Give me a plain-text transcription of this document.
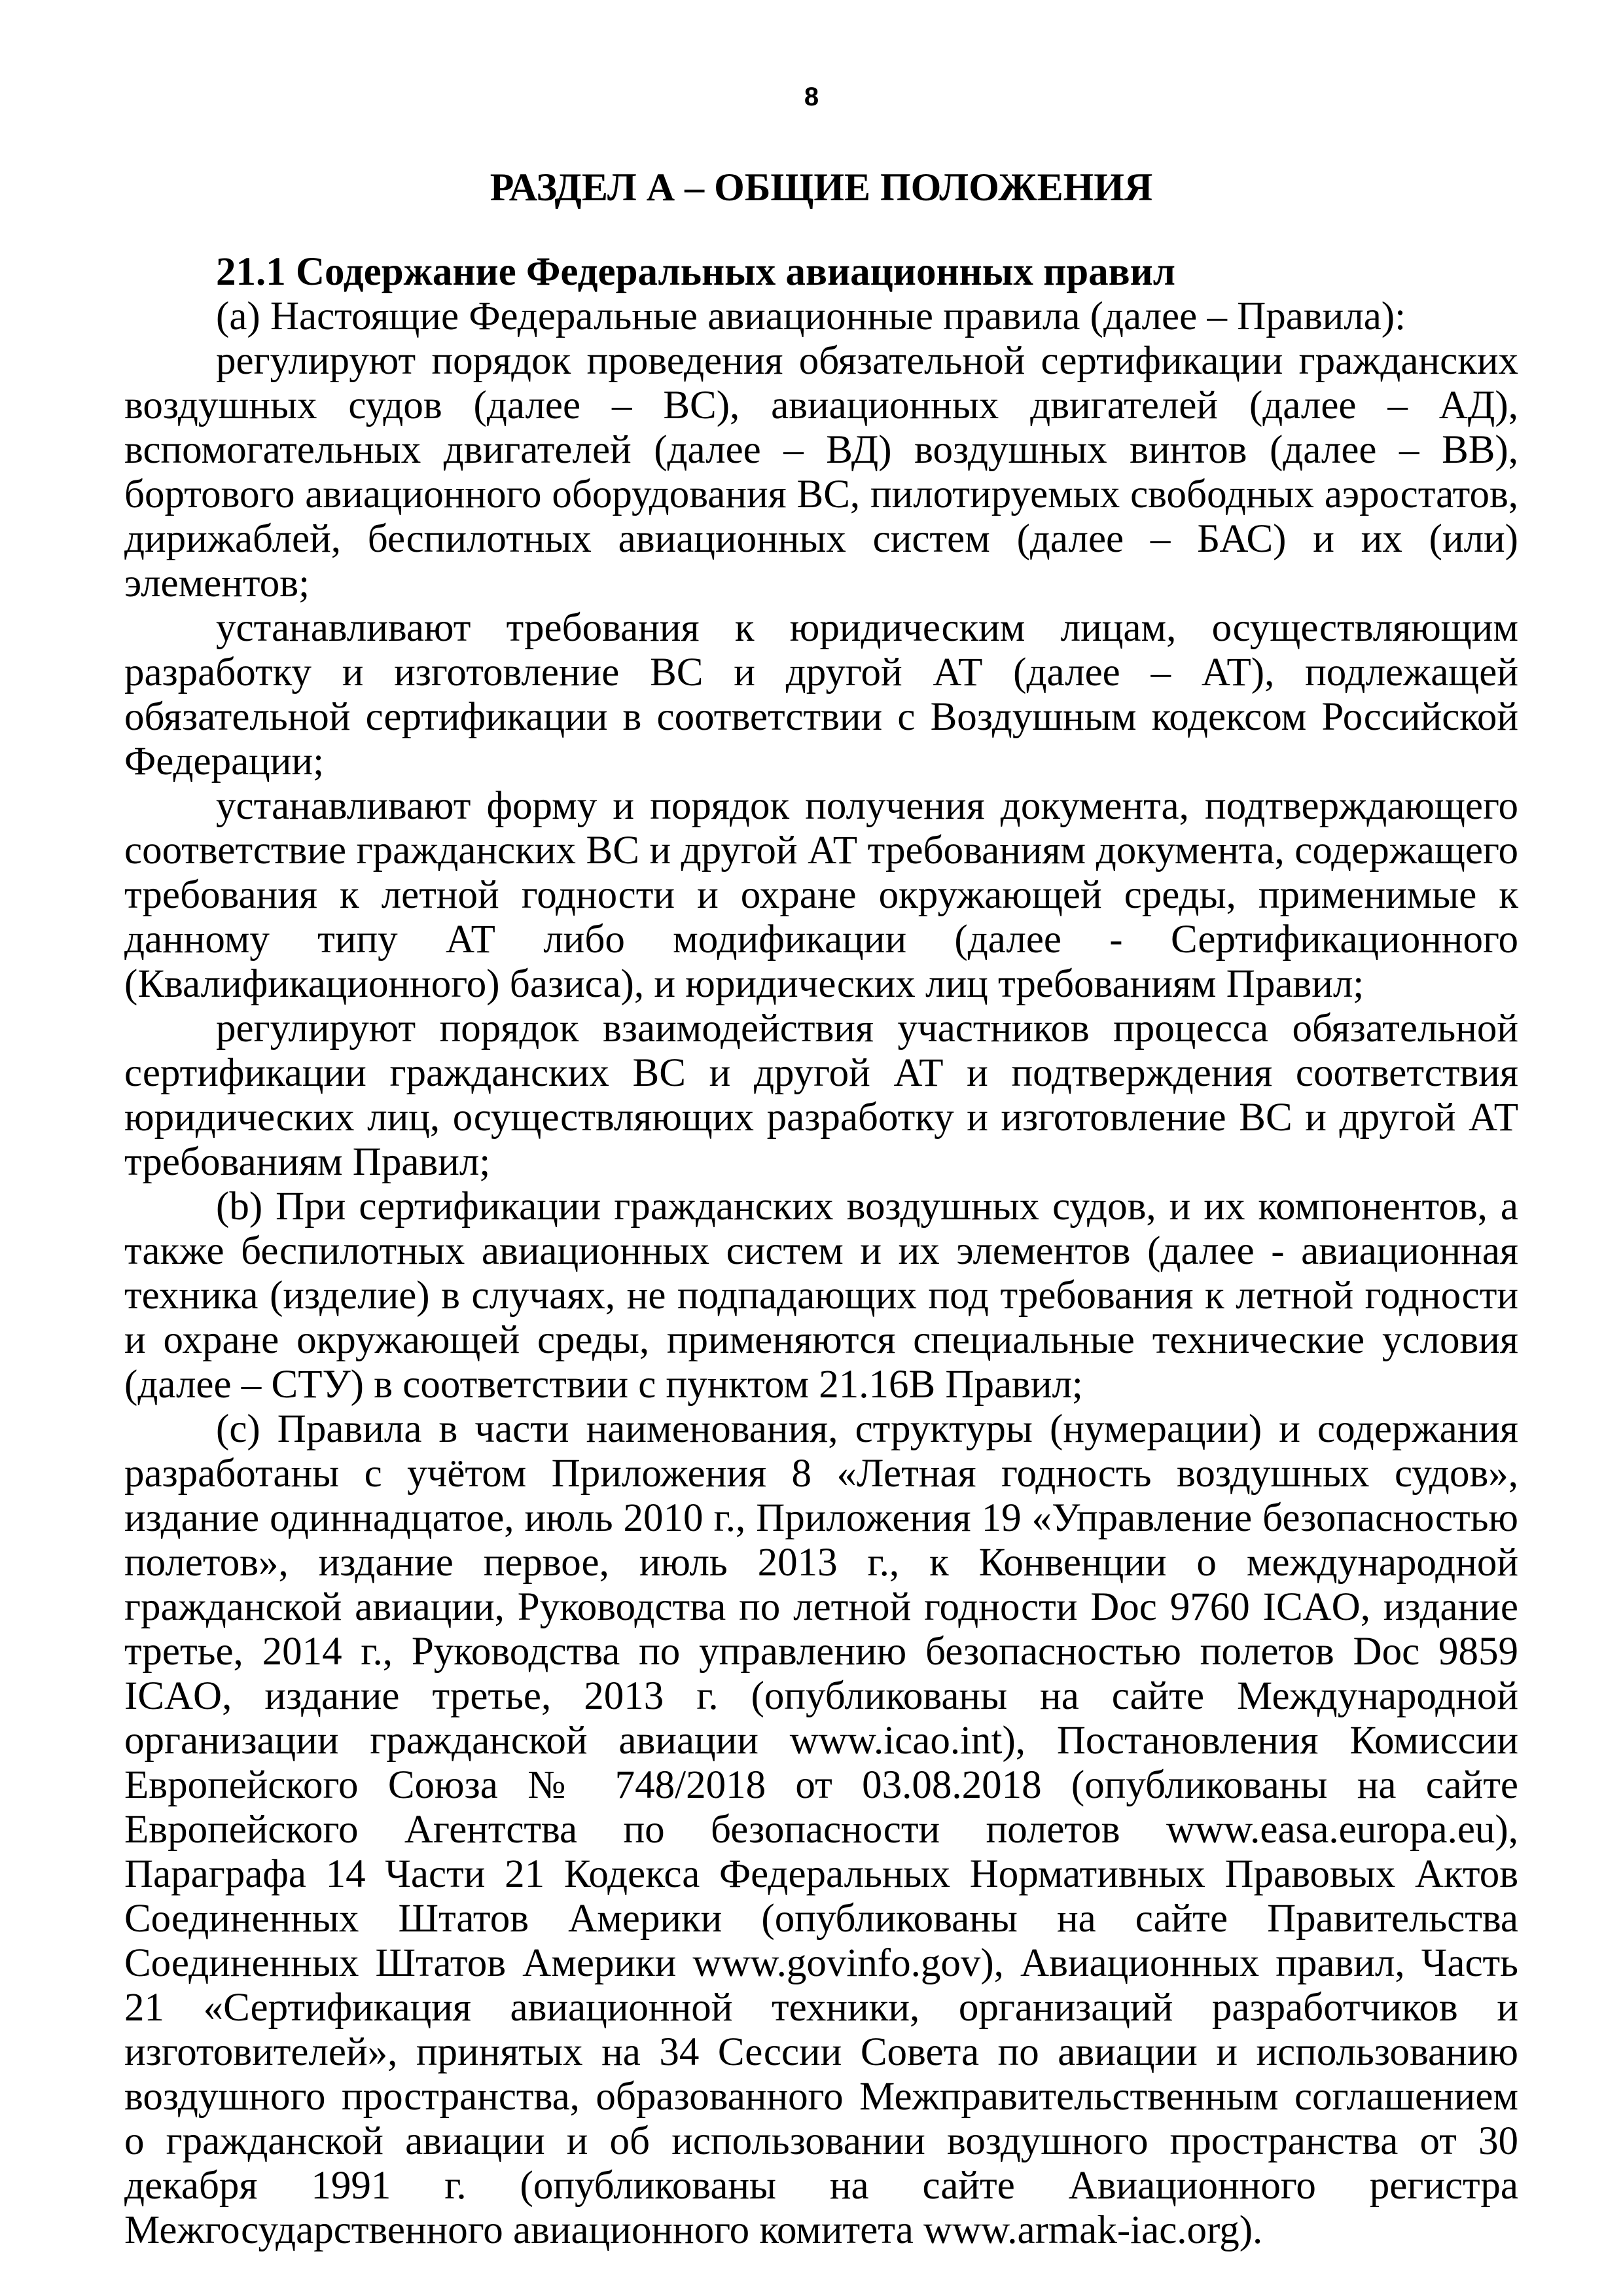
8
РАЗДЕЛ А – ОБЩИЕ ПОЛОЖЕНИЯ

21.1 Содержание Федеральных авиационных правил

(a) Настоящие Федеральные авиационные правила (далее – Правила):

регулируют порядок проведения обязательной сертификации гражданских воздушных судов (далее – ВС), авиационных двигателей (далее – АД), вспомогательных двигателей (далее – ВД) воздушных винтов (далее – ВВ), бортового авиационного оборудования ВС, пилотируемых свободных аэростатов, дирижаблей, беспилотных авиационных систем (далее – БАС) и их (или) элементов;

устанавливают требования к юридическим лицам, осуществляющим разработку и изготовление ВС и другой АТ (далее – АТ), подлежащей обязательной сертификации в соответствии с Воздушным кодексом Российской Федерации;

устанавливают форму и порядок получения документа, подтверждающего соответствие гражданских ВС и другой АТ требованиям документа, содержащего требования к летной годности и охране окружающей среды, применимые к данному типу АТ либо модификации (далее - Сертификационного (Квалификационного) базиса), и юридических лиц требованиям Правил;

регулируют порядок взаимодействия участников процесса обязательной сертификации гражданских ВС и другой АТ и подтверждения соответствия юридических лиц, осуществляющих разработку и изготовление ВС и другой АТ требованиям Правил;

(b) При сертификации гражданских воздушных судов, и их компонентов, а также беспилотных авиационных систем и их элементов (далее - авиационная техника (изделие) в случаях, не подпадающих под требования к летной годности и охране окружающей среды, применяются специальные технические условия (далее – СТУ) в соответствии с пунктом 21.16В Правил;

(c) Правила в части наименования, структуры (нумерации) и содержания разработаны с учётом Приложения 8 «Летная годность воздушных судов», издание одиннадцатое, июль 2010 г., Приложения 19 «Управление безопасностью полетов», издание первое, июль 2013 г., к Конвенции о международной гражданской авиации, Руководства по летной годности Doc 9760 ICAO, издание третье, 2014 г., Руководства по управлению безопасностью полетов Doc 9859 ICAO, издание третье, 2013 г. (опубликованы на сайте Международной организации гражданской авиации www.icao.int), Постановления Комиссии Европейского Союза № 748/2018 от 03.08.2018 (опубликованы на сайте Европейского Агентства по безопасности полетов www.easa.europa.eu), Параграфа 14 Части 21 Кодекса Федеральных Нормативных Правовых Актов Соединенных Штатов Америки (опубликованы на сайте Правительства Соединенных Штатов Америки www.govinfo.gov), Авиационных правил, Часть 21 «Сертификация авиационной техники, организаций разработчиков и изготовителей», принятых на 34 Сессии Совета по авиации и использованию воздушного пространства, образованного Межправительственным соглашением о гражданской авиации и об использовании воздушного пространства от 30 декабря 1991 г. (опубликованы на сайте Авиационного регистра Межгосударственного авиационного комитета www.armak-iac.org).
